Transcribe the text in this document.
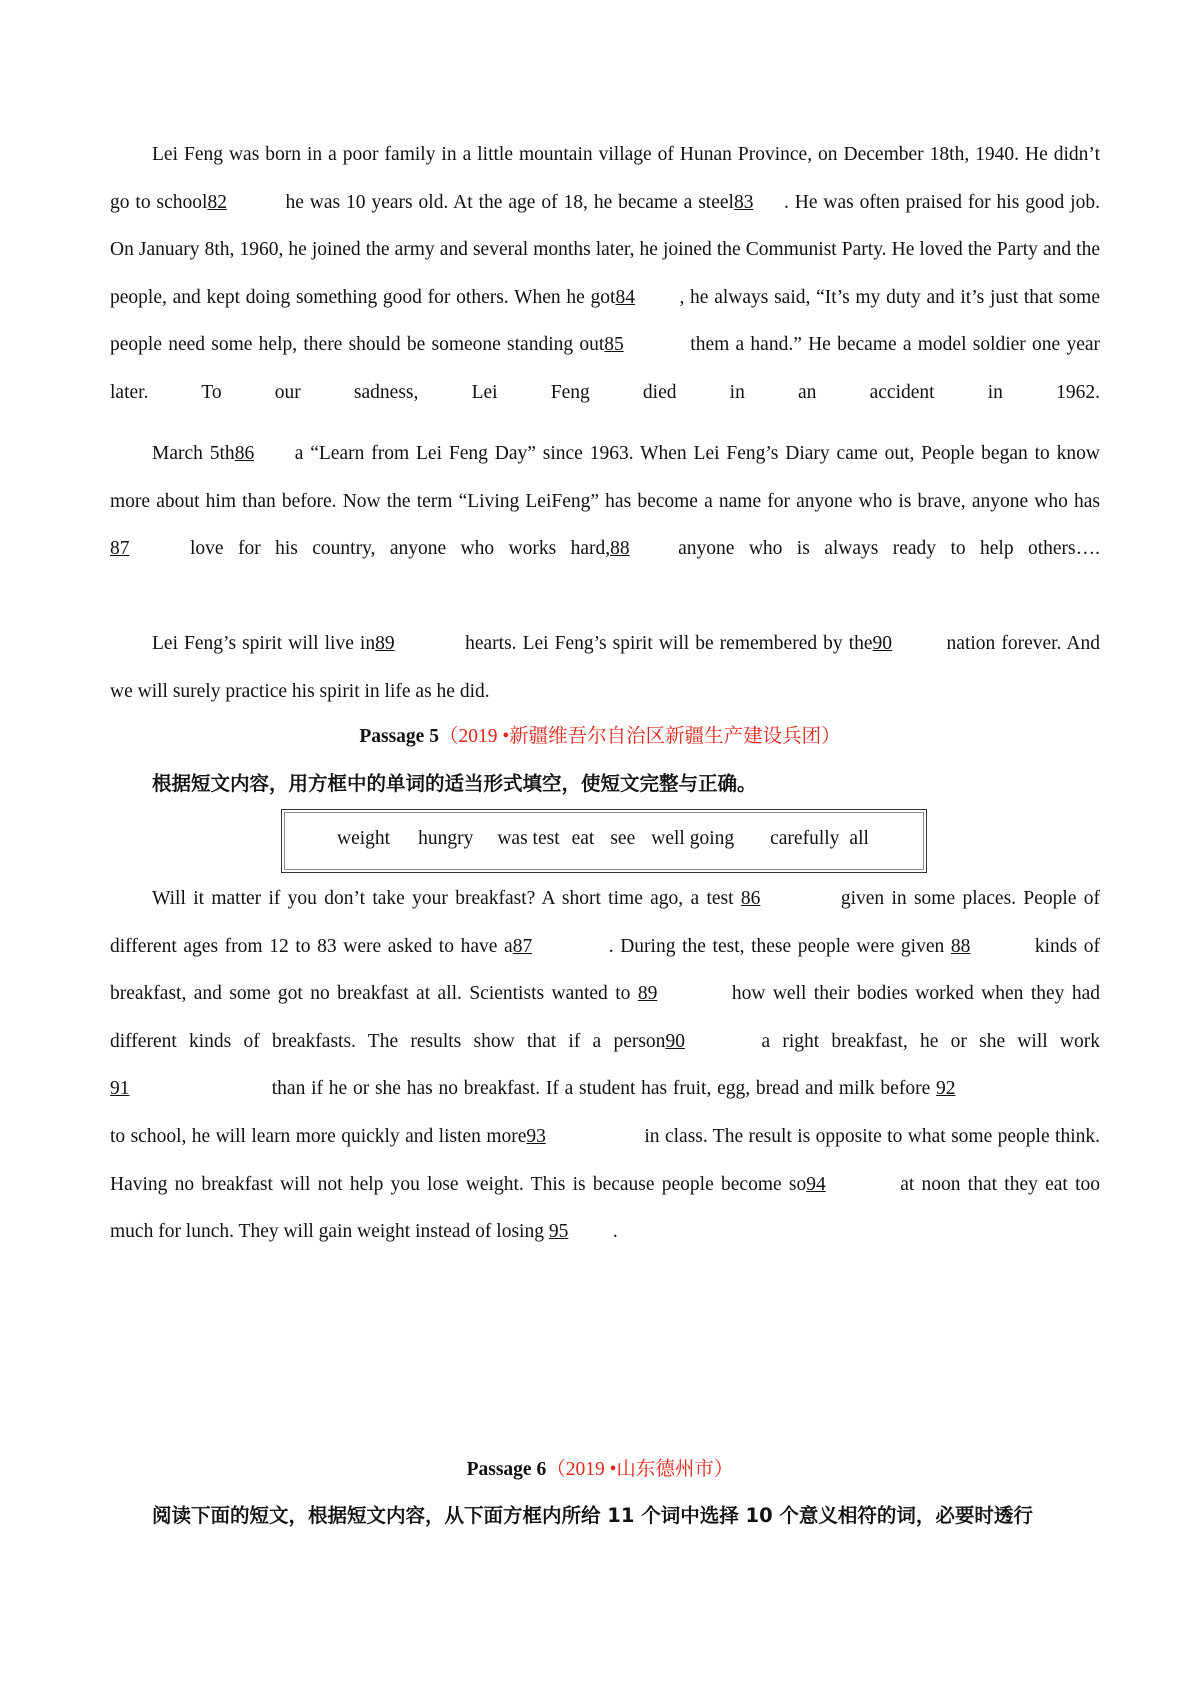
Lei Feng was born in a poor family in a little mountain village of Hunan Province, on December 18th, 1940. He didn’t go to school82	he was 10 years old. At the age of 18, he became a steel83 . He was often praised for his good job. On January 8th, 1960, he joined the army and several months later, he joined the Communist Party. He loved the Party and the people, and kept doing something good for others. When he got84 , he always said, “It’s my duty and it’s just that some people need some help, there should be someone standing out85	them a hand.” He became a model soldier one year later. To our sadness, Lei Feng died in an accident in 1962.

March 5th86 a “Learn from Lei Feng Day” since 1963. When Lei Feng’s Diary came out, People began to know more about him than before. Now the term “Living LeiFeng” has become a name for anyone who is brave, anyone who has87	love for his country, anyone who works hard,88 anyone who is always ready to help others….

Lei Feng’s spirit will live in89	hearts. Lei Feng’s spirit will be remembered by the90	nation forever. And we will surely practice his spirit in life as he did.

Passage 5（2019 •新疆维吾尔自治区新疆生产建设兵团）

根据短文内容，用方框中的单词的适当形式填空，使短文完整与正确。

weight hungry was test eat see well going carefully all

Will it matter if you don’t take your breakfast? A short time ago, a test 86	given in some places. People of different ages from 12 to 83 were asked to have a87	. During the test, these people were given 88	kinds of breakfast, and some got no breakfast at all. Scientists wanted to 89	how well their bodies worked when they had different kinds of breakfasts. The results show that if a person90	a right breakfast, he or she will work 91	than if he or she has no breakfast. If a student has fruit, egg, bread and milk before 92 to school, he will learn more quickly and listen more93	in class. The result is opposite to what some people think. Having no breakfast will not help you lose weight. This is because people become so94	at noon that they eat too much for lunch. They will gain weight instead of losing 95 .

Passage 6（2019 •山东德州市）

阅读下面的短文，根据短文内容，从下面方框内所给 11 个词中选择 10 个意义相符的词，必要时透行
